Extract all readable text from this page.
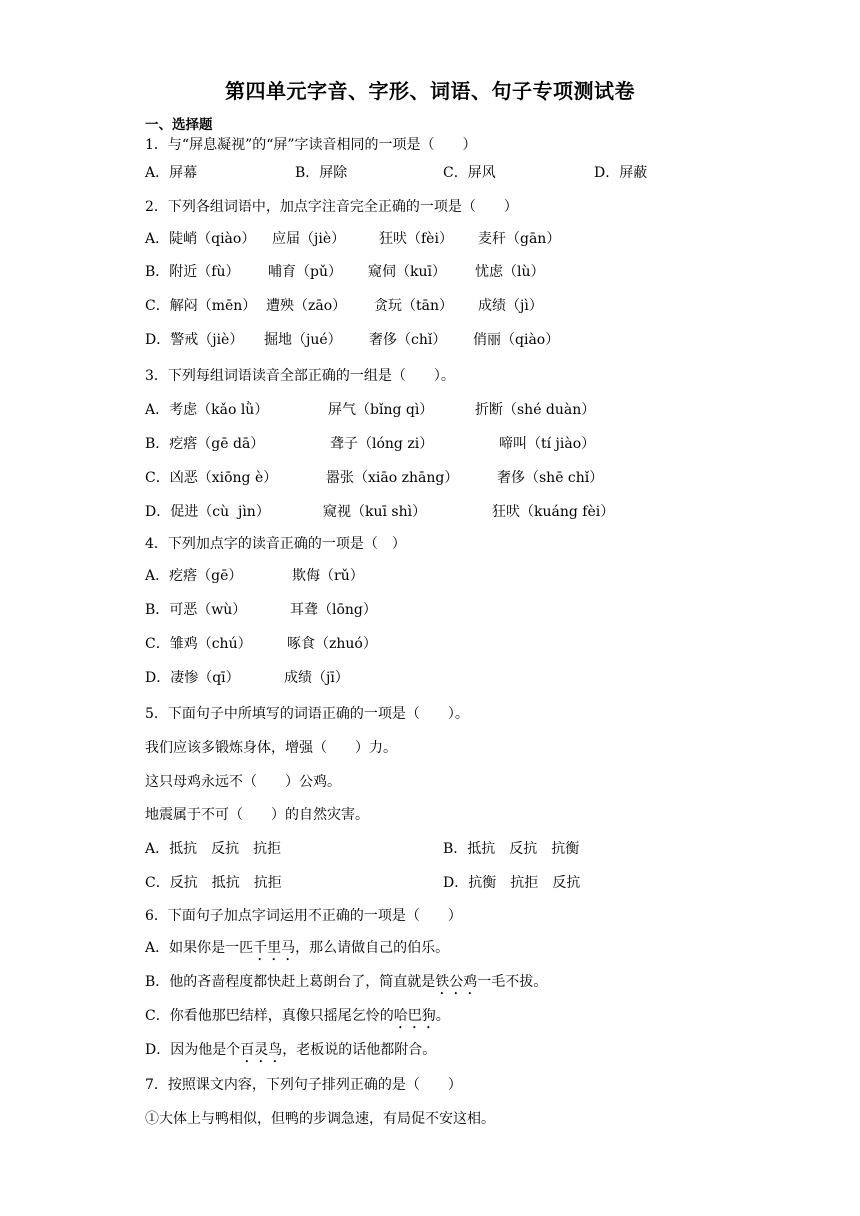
第四单元字音、字形、词语、句子专项测试卷
一、选择题
1．与“屏息凝视”的“屏”字读音相同的一项是（　　）
A．屏幕	B．屏除	C．屏风	D．屏蔽
2．下列各组词语中，加点字注音完全正确的一项是（　　）
A．陡峭（qiào） 应届（jiè） 狂吠（fèi） 麦秆（gān）
B．附近（fù） 哺育（pǔ） 窥伺（kuī） 忧虑（lù）
C．解闷（mēn） 遭殃（zāo） 贪玩（tān） 成绩（jì）
D．警戒（jiè） 掘地（jué） 奢侈（chǐ） 俏丽（qiào）
3．下列每组词语读音全部正确的一组是（　　）。
A．考虑（kǎo lǜ）	屏气（bǐng qì）	折断（shé duàn）
B．疙瘩（gē dā）	聋子（lóng zi）	啼叫（tí jiào）
C．凶恶（xiōng è）	嚣张（xiāo zhāng）	奢侈（shē chǐ）
D．促进（cù  jìn）	窥视（kuī shì）	狂吠（kuáng fèi）
4．下列加点字的读音正确的一项是（　）
A．疙瘩（gē）	欺侮（rǔ）
B．可恶（wù）	耳聋（lōng）
C．雏鸡（chú）	啄食（zhuó）
D．凄惨（qī）	成绩（jī）
5．下面句子中所填写的词语正确的一项是（　　）。
我们应该多锻炼身体，增强（　　）力。
这只母鸡永远不（　　）公鸡。
地震属于不可（　　）的自然灾害。
A．抵抗　反抗　抗拒	B．抵抗　反抗　抗衡
C．反抗　抵抗　抗拒	D．抗衡　抗拒　反抗
6．下面句子加点字词运用不正确的一项是（　　）
A．如果你是一匹千里马，那么请做自己的伯乐。
B．他的吝啬程度都快赶上葛朗台了，简直就是铁公鸡一毛不拔。
C．你看他那巴结样，真像只摇尾乞怜的哈巴狗。
D．因为他是个百灵鸟，老板说的话他都附合。
7．按照课文内容，下列句子排列正确的是（　　）
①大体上与鸭相似，但鸭的步调急速，有局促不安这相。
